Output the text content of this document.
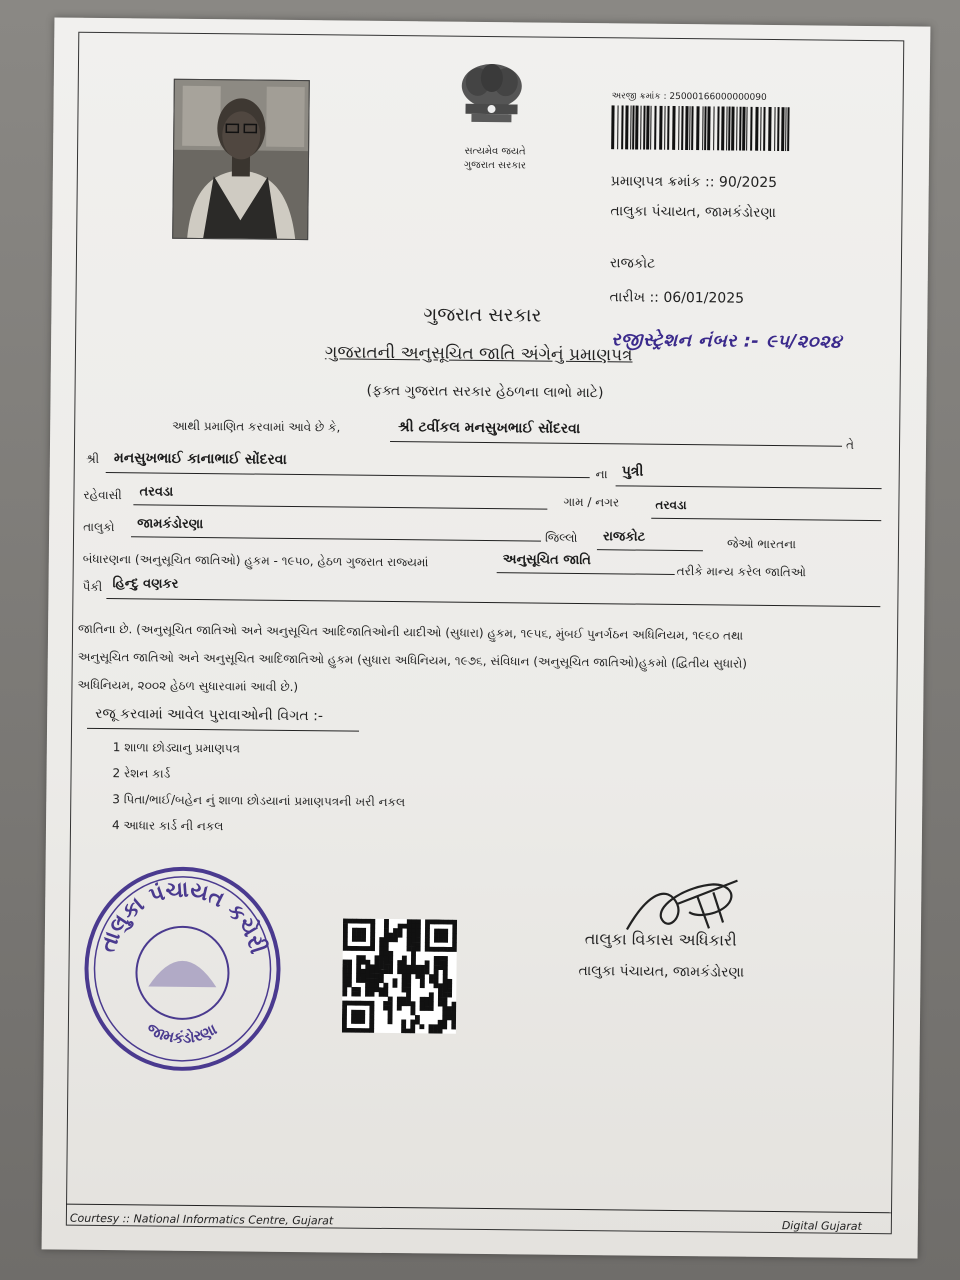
સત્યમેવ જયતે
ગુજરાત સરકાર
અરજી ક્રમાંક : 25000166000000090
પ્રમાણપત્ર ક્રમાંક :: 90/2025
તાલુકા પંચાયત, જામકંડોરણા
રાજકોટ
તારીખ :: 06/01/2025
ગુજરાત સરકાર
રજીસ્ટ્રેશન નંબર :- ૯૫/૨૦૨૪
ગુજરાતની અનુસૂચિત જાતિ અંગેનું પ્રમાણપત્ર
(ફક્ત ગુજરાત સરકાર હેઠળના લાભો માટે)
આથી પ્રમાણિત કરવામાં આવે છે કે,	શ્રી ટવીંકલ મનસુખભાઈ સોંદરવા
તે
શ્રી મનસુખભાઈ કાનાભાઈ સોંદરવા
ના પુત્રી
રહેવાસી તરવડા
ગામ / નગર	તરવડા
તાલુકો જામકંડોરણા
જિલ્લો રાજકોટ	જેઓ ભારતના
બંધારણના (અનુસૂચિત જાતિઓ) હુકમ - ૧૯૫૦, હેઠળ ગુજરાત રાજ્યમાં	અનુસૂચિત જાતિ
તરીકે માન્ય કરેલ જાતિઓ
પૈકી હિન્દુ વણકર
જાતિના છે. (અનુસૂચિત જાતિઓ અને અનુસૂચિત આદિજાતિઓની યાદીઓ (સુધારા) હુકમ, ૧૯૫૬, મુંબઈ પુનર્ગઠન અધિનિયમ, ૧૯૬૦ તથા
અનુસૂચિત જાતિઓ અને અનુસૂચિત આદિજાતિઓ હુકમ (સુધારા અધિનિયમ, ૧૯૭૬, સંવિધાન (અનુસૂચિત જાતિઓ)હુકમો (દ્વિતીય સુધારો)
અધિનિયમ, ૨૦૦૨ હેઠળ સુધારવામાં આવી છે.)
રજૂ કરવામાં આવેલ પુરાવાઓની વિગત :-
1 શાળા છોડ્યાનુ પ્રમાણપત્ર
2 રેશન કાર્ડ
3 પિતા/ભાઈ/બહેન નું શાળા છોડયાનાં પ્રમાણપત્રની ખરી નકલ
4 આધાર કાર્ડ ની નકલ
તાલુકા પંચાયત કચેરી
જામકંડોરણા
તાલુકા વિકાસ અધિકારી
તાલુકા પંચાયત, જામકંડોરણા
Courtesy :: National Informatics Centre, Gujarat	Digital Gujarat
